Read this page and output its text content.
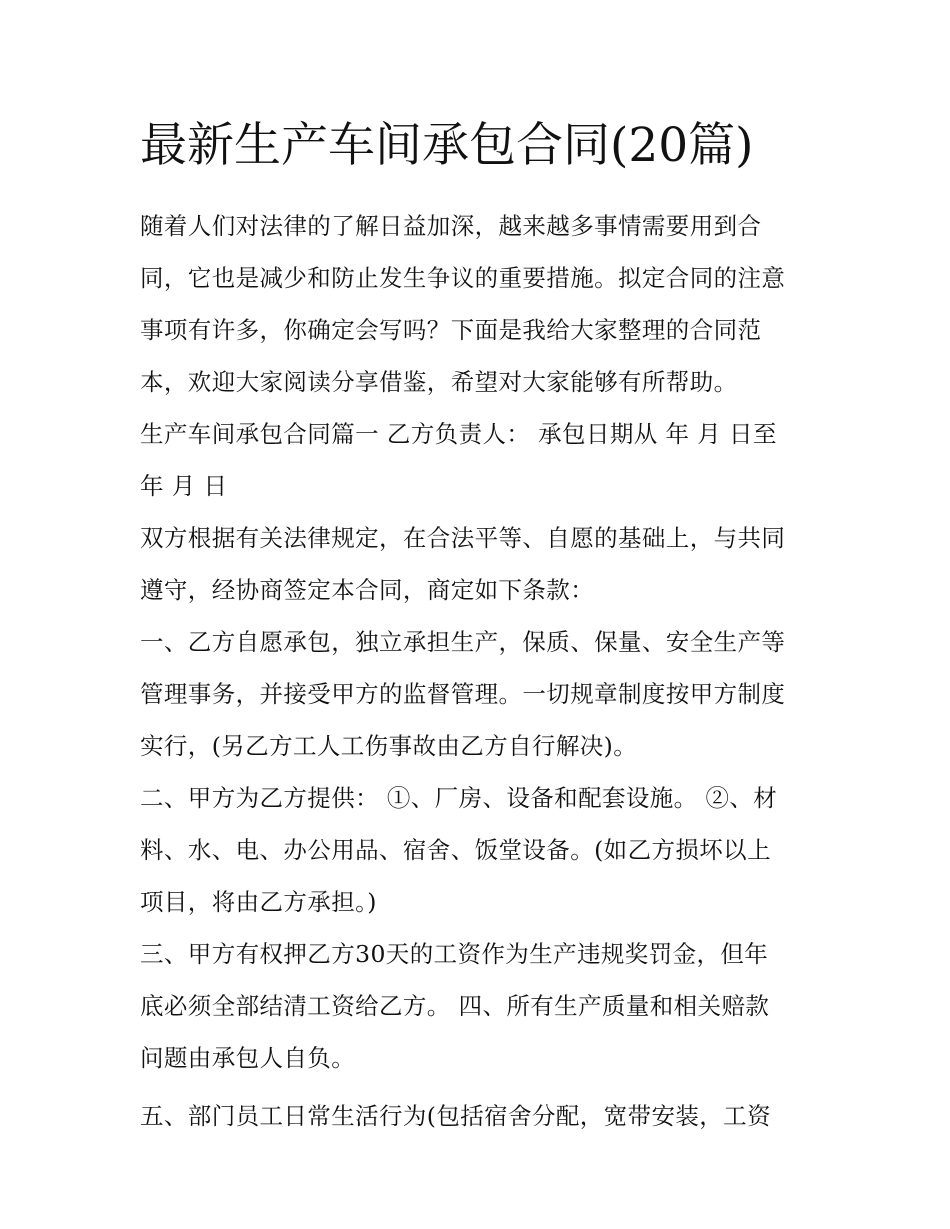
最新生产车间承包合同(20篇)
随着人们对法律的了解日益加深，越来越多事情需要用到合
同，它也是减少和防止发生争议的重要措施。拟定合同的注意
事项有许多，你确定会写吗？下面是我给大家整理的合同范
本，欢迎大家阅读分享借鉴，希望对大家能够有所帮助。
生产车间承包合同篇一 乙方负责人： 承包日期从 年 月 日至
年 月 日
双方根据有关法律规定，在合法平等、自愿的基础上，与共同
遵守，经协商签定本合同，商定如下条款：
一、乙方自愿承包，独立承担生产，保质、保量、安全生产等
管理事务，并接受甲方的监督管理。一切规章制度按甲方制度
实行，(另乙方工人工伤事故由乙方自行解决)。
二、甲方为乙方提供： ①、厂房、设备和配套设施。 ②、材
料、水、电、办公用品、宿舍、饭堂设备。(如乙方损坏以上
项目，将由乙方承担。)
三、甲方有权押乙方30天的工资作为生产违规奖罚金，但年
底必须全部结清工资给乙方。 四、所有生产质量和相关赔款
问题由承包人自负。
五、部门员工日常生活行为(包括宿舍分配，宽带安装，工资
